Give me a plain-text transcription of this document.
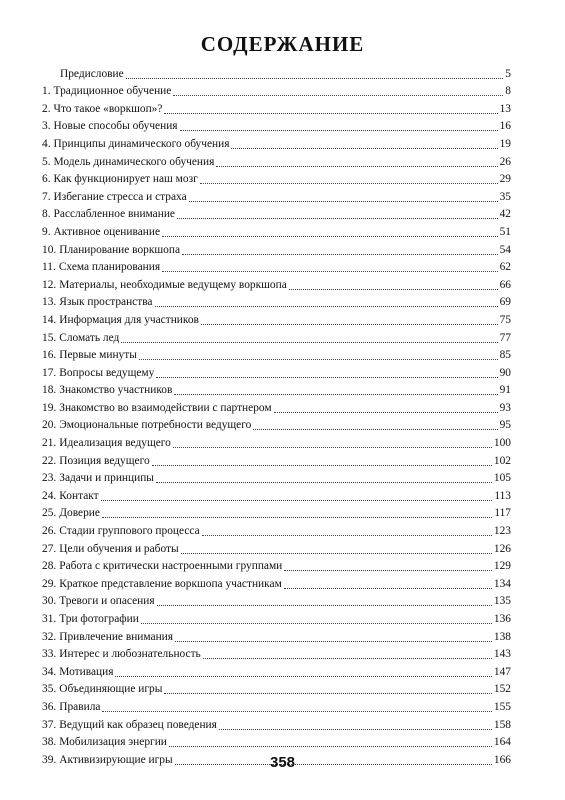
СОДЕРЖАНИЕ
Предисловие	5
1. Традиционное обучение	8
2. Что такое «воркшоп»?	13
3. Новые способы обучения	16
4. Принципы динамического обучения	19
5. Модель динамического обучения	26
6. Как функционирует наш мозг	29
7. Избегание стресса и страха	35
8. Расслабленное внимание	42
9. Активное оценивание	51
10. Планирование воркшопа	54
11. Схема планирования	62
12. Материалы, необходимые ведущему воркшопа	66
13. Язык пространства	69
14. Информация для участников	75
15. Сломать лед	77
16. Первые минуты	85
17. Вопросы ведущему	90
18. Знакомство участников	91
19. Знакомство во взаимодействии с партнером	93
20. Эмоциональные потребности ведущего	95
21. Идеализация ведущего	100
22. Позиция ведущего	102
23. Задачи и принципы	105
24. Контакт	113
25. Доверие	117
26. Стадии группового процесса	123
27. Цели обучения и работы	126
28. Работа с критически настроенными группами	129
29. Краткое представление воркшопа участникам	134
30. Тревоги и опасения	135
31. Три фотографии	136
32. Привлечение внимания	138
33. Интерес и любознательность	143
34. Мотивация	147
35. Объединяющие игры	152
36. Правила	155
37. Ведущий как образец поведения	158
38. Мобилизация энергии	164
39. Активизирующие игры	166
358
